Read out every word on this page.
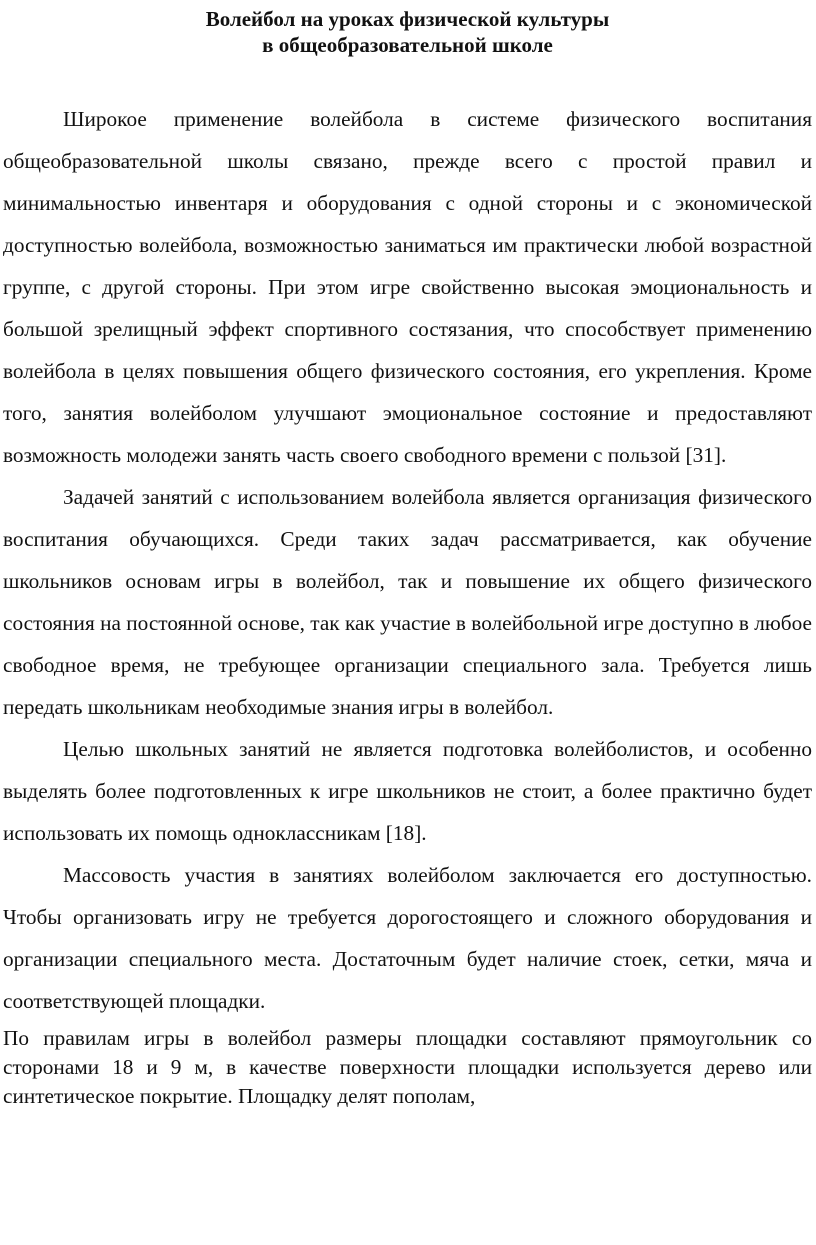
Волейбол на уроках физической культуры
в общеобразовательной школе

Широкое применение волейбола в системе физического воспитания общеобразовательной школы связано, прежде всего с простой правил и минимальностью инвентаря и оборудования с одной стороны и с экономической доступностью волейбола, возможностью заниматься им практически любой возрастной группе, с другой стороны. При этом игре свойственно высокая эмоциональность и большой зрелищный эффект спортивного состязания, что способствует применению волейбола в целях повышения общего физического состояния, его укрепления. Кроме того, занятия волейболом улучшают эмоциональное состояние и предоставляют возможность молодежи занять часть своего свободного времени с пользой [31].

Задачей занятий с использованием волейбола является организация физического воспитания обучающихся. Среди таких задач рассматривается, как обучение школьников основам игры в волейбол, так и повышение их общего физического состояния на постоянной основе, так как участие в волейбольной игре доступно в любое свободное время, не требующее организации специального зала. Требуется лишь передать школьникам необходимые знания игры в волейбол.

Целью школьных занятий не является подготовка волейболистов, и особенно выделять более подготовленных к игре школьников не стоит, а более практично будет использовать их помощь одноклассникам [18].

Массовость участия в занятиях волейболом заключается его доступностью. Чтобы организовать игру не требуется дорогостоящего и сложного оборудования и организации специального места. Достаточным будет наличие стоек, сетки, мяча и соответствующей площадки.

По правилам игры в волейбол размеры площадки составляют прямоугольник со сторонами 18 и 9 м, в качестве поверхности площадки используется дерево или синтетическое покрытие. Площадку делят пополам,
